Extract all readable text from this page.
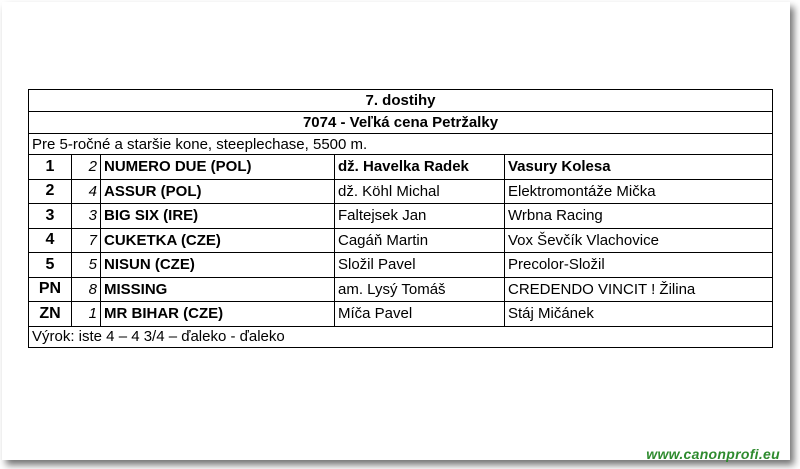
7. dostihy				
7074 - Veľká cena Petržalky				
Pre 5-ročné a staršie kone, steeplechase, 5500 m.				
1	2	NUMERO DUE (POL)	dž. Havelka Radek	Vasury Kolesa
2	4	ASSUR (POL)	dž. Köhl Michal	Elektromontáže Mička
3	3	BIG SIX (IRE)	Faltejsek Jan	Wrbna Racing
4	7	CUKETKA (CZE)	Cagáň Martin	Vox Ševčík Vlachovice
5	5	NISUN (CZE)	Složil Pavel	Precolor-Složil
PN	8	MISSING	am. Lysý Tomáš	CREDENDO VINCIT ! Žilina
ZN	1	MR BIHAR (CZE)	Míča Pavel	Stáj Mičánek
Výrok: iste 4 – 4 3/4 – ďaleko - ďaleko				
www.canonprofi.eu
